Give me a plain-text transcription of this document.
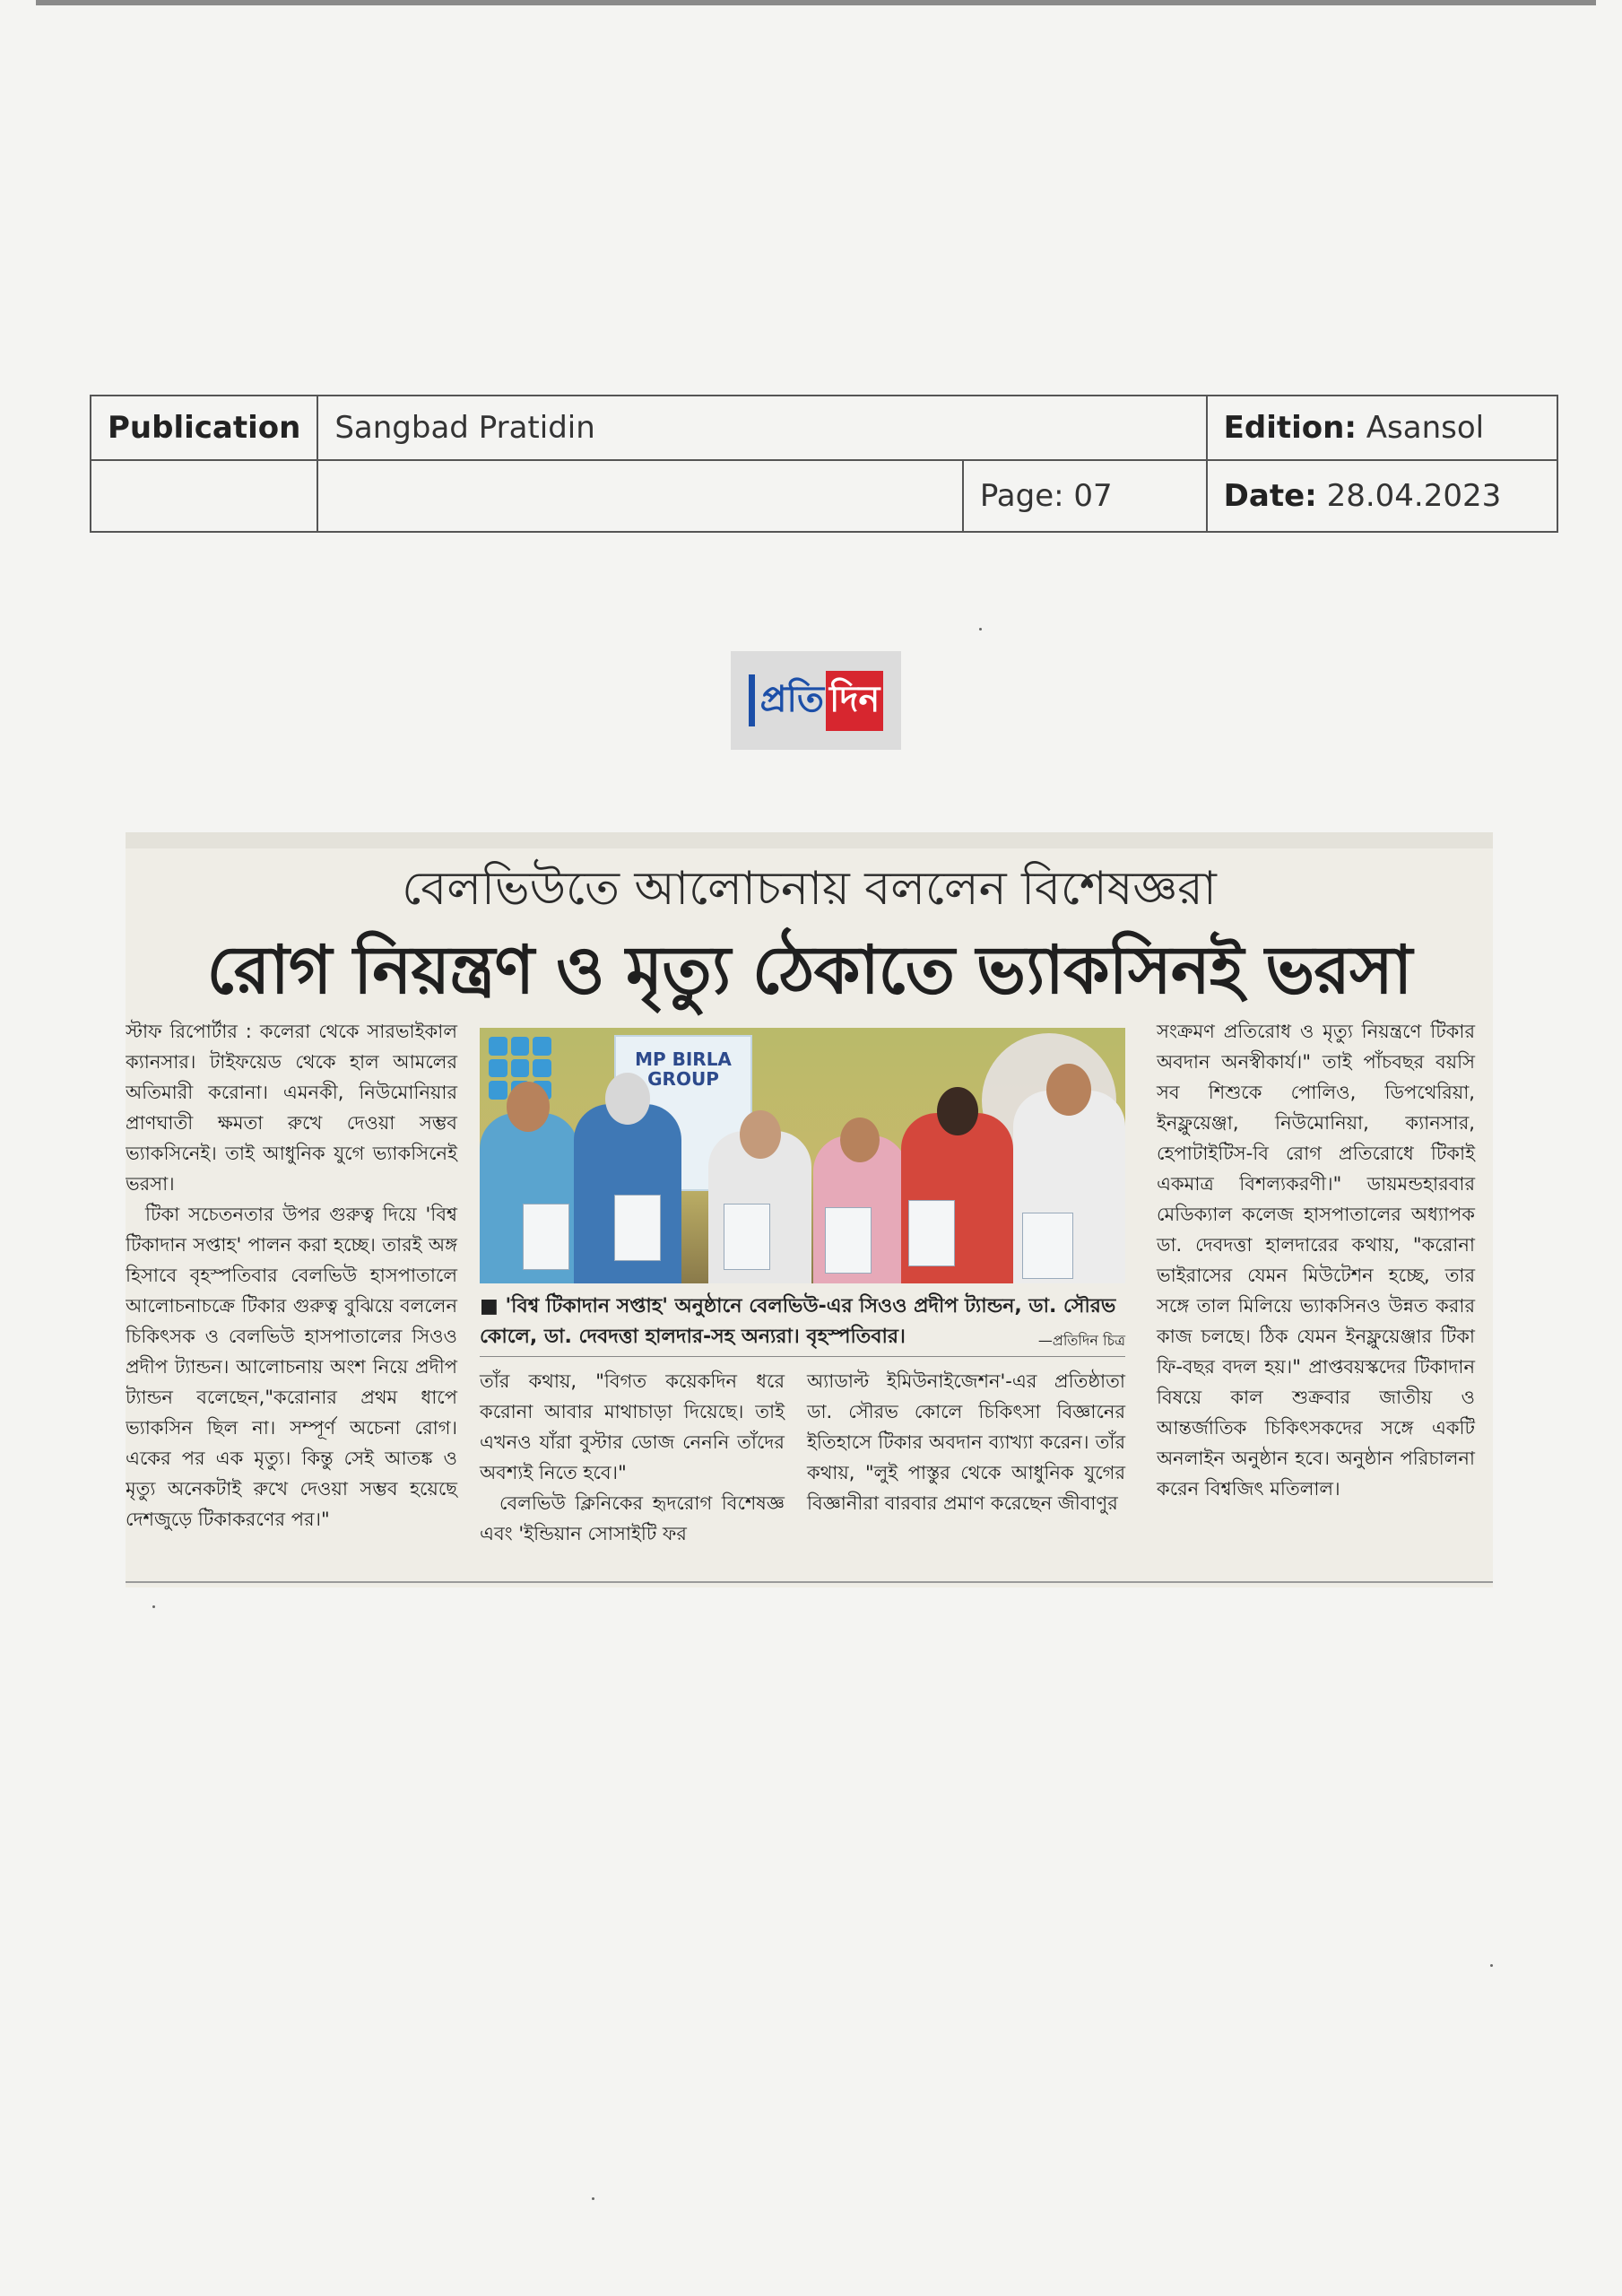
Publication	Sangbad Pratidin		Edition: Asansol
		Page: 07	Date: 28.04.2023
প্রতি দিন
বেলভিউতে আলোচনায় বললেন বিশেষজ্ঞরা
রোগ নিয়ন্ত্রণ ও মৃত্যু ঠেকাতে ভ্যাকসিনই ভরসা

স্টাফ রিপোর্টার : কলেরা থেকে সারভাইকাল ক্যানসার। টাইফয়েড থেকে হাল আমলের অতিমারী করোনা। এমনকী, নিউমোনিয়ার প্রাণঘাতী ক্ষমতা রুখে দেওয়া সম্ভব ভ্যাকসিনেই। তাই আধুনিক যুগে ভ্যাকসিনেই ভরসা।

টিকা সচেতনতার উপর গুরুত্ব দিয়ে 'বিশ্ব টিকাদান সপ্তাহ' পালন করা হচ্ছে। তারই অঙ্গ হিসাবে বৃহস্পতিবার বেলভিউ হাসপাতালে আলোচনাচক্রে টিকার গুরুত্ব বুঝিয়ে বললেন চিকিৎসক ও বেলভিউ হাসপাতালের সিওও প্রদীপ ট্যান্ডন। আলোচনায় অংশ নিয়ে প্রদীপ ট্যান্ডন বলেছেন,"করোনার প্রথম ধাপে ভ্যাকসিন ছিল না। সম্পূর্ণ অচেনা রোগ। একের পর এক মৃত্যু। কিন্তু সেই আতঙ্ক ও মৃত্যু অনেকটাই রুখে দেওয়া সম্ভব হয়েছে দেশজুড়ে টিকাকরণের পর।"

MP BIRLA GROUP
■ 'বিশ্ব টিকাদান সপ্তাহ' অনুষ্ঠানে বেলভিউ-এর সিওও প্রদীপ ট্যান্ডন, ডা. সৌরভ কোলে, ডা. দেবদত্তা হালদার-সহ অন্যরা। বৃহস্পতিবার।	—প্রতিদিন চিত্র

তাঁর কথায়, "বিগত কয়েকদিন ধরে করোনা আবার মাথাচাড়া দিয়েছে। তাই এখনও যাঁরা বুস্টার ডোজ নেননি তাঁদের অবশ্যই নিতে হবে।"

বেলভিউ ক্লিনিকের হৃদরোগ বিশেষজ্ঞ এবং 'ইন্ডিয়ান সোসাইটি ফর

অ্যাডাল্ট ইমিউনাইজেশন'-এর প্রতিষ্ঠাতা ডা. সৌরভ কোলে চিকিৎসা বিজ্ঞানের ইতিহাসে টিকার অবদান ব্যাখ্যা করেন। তাঁর কথায়, "লুই পাস্তুর থেকে আধুনিক যুগের বিজ্ঞানীরা বারবার প্রমাণ করেছেন জীবাণুর

সংক্রমণ প্রতিরোধ ও মৃত্যু নিয়ন্ত্রণে টিকার অবদান অনস্বীকার্য।" তাই পাঁচবছর বয়সি সব শিশুকে পোলিও, ডিপথেরিয়া, ইনফ্লুয়েঞ্জা, নিউমোনিয়া, ক্যানসার, হেপাটাইটিস-বি রোগ প্রতিরোধে টিকাই একমাত্র বিশল্যকরণী।" ডায়মন্ডহারবার মেডিক্যাল কলেজ হাসপাতালের অধ্যাপক ডা. দেবদত্তা হালদারের কথায়, "করোনা ভাইরাসের যেমন মিউটেশন হচ্ছে, তার সঙ্গে তাল মিলিয়ে ভ্যাকসিনও উন্নত করার কাজ চলছে। ঠিক যেমন ইনফ্লুয়েঞ্জার টিকা ফি-বছর বদল হয়।" প্রাপ্তবয়স্কদের টিকাদান বিষয়ে কাল শুক্রবার জাতীয় ও আন্তর্জাতিক চিকিৎসকদের সঙ্গে একটি অনলাইন অনুষ্ঠান হবে। অনুষ্ঠান পরিচালনা করেন বিশ্বজিৎ মতিলাল।
